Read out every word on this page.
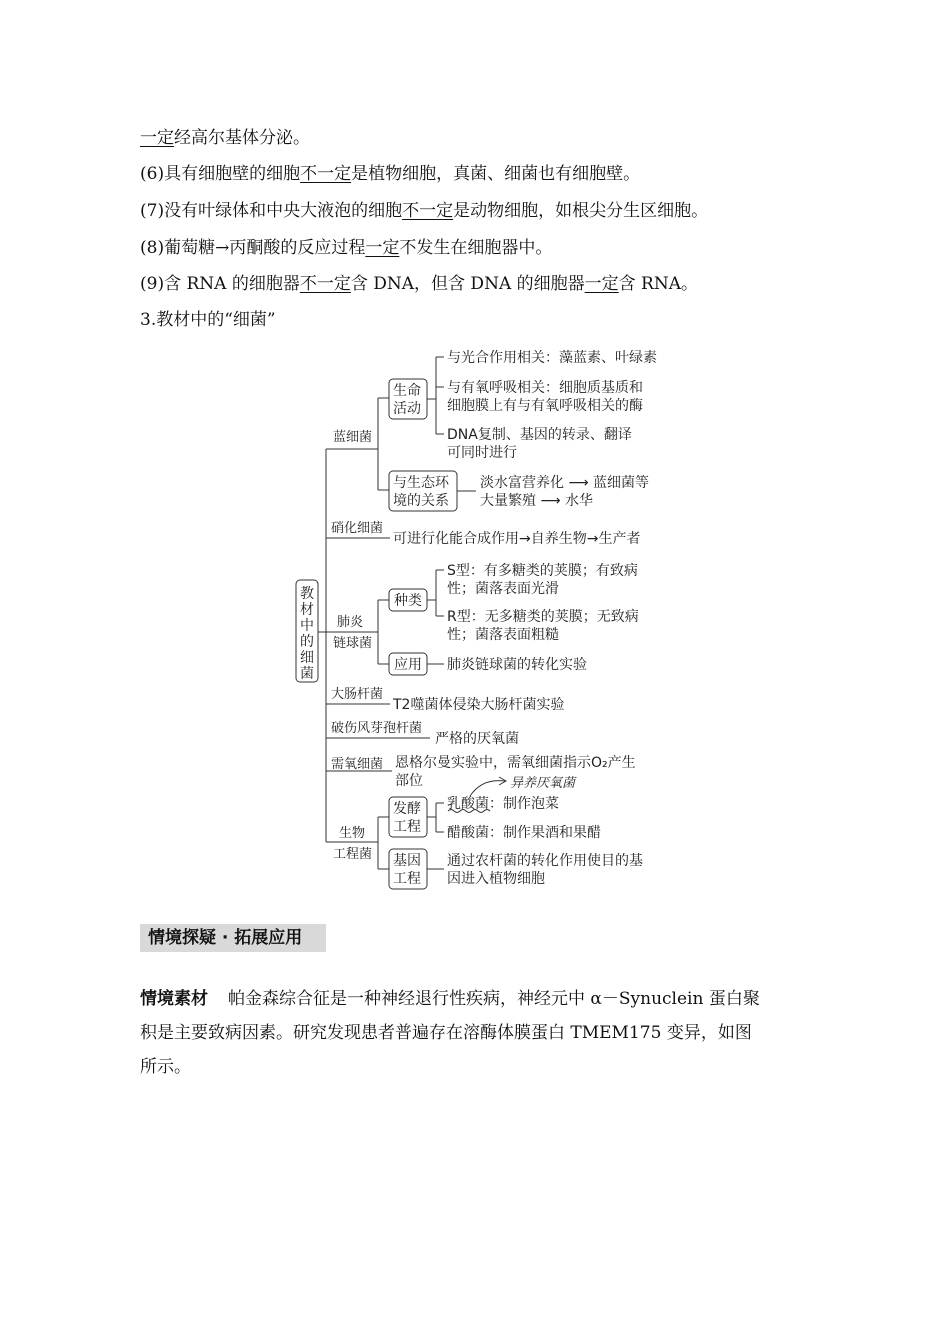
一定经高尔基体分泌。
(6)具有细胞壁的细胞不一定是植物细胞，真菌、细菌也有细胞壁。
(7)没有叶绿体和中央大液泡的细胞不一定是动物细胞，如根尖分生区细胞。
(8)葡萄糖→丙酮酸的反应过程一定不发生在细胞器中。
(9)含 RNA 的细胞器不一定含 DNA，但含 DNA 的细胞器一定含 RNA。
3.教材中的“细菌”
教
材
中
的
细
菌
蓝细菌
硝化细菌
肺炎
链球菌
大肠杆菌
破伤风芽孢杆菌
需氧细菌
生物
工程菌
生命
活动
与生态环
境的关系
种类
应用
发酵
工程
基因
工程
与光合作用相关：藻蓝素、叶绿素
与有氧呼吸相关：细胞质基质和
细胞膜上有与有氧呼吸相关的酶
DNA复制、基因的转录、翻译
可同时进行
淡水富营养化 ⟶ 蓝细菌等
大量繁殖 ⟶ 水华
可进行化能合成作用→自养生物→生产者
S型：有多糖类的荚膜；有致病
性；菌落表面光滑
R型：无多糖类的荚膜；无致病
性；菌落表面粗糙
肺炎链球菌的转化实验
T2噬菌体侵染大肠杆菌实验
严格的厌氧菌
恩格尔曼实验中，需氧细菌指示O₂产生
部位	异养厌氧菌
乳酸菌：制作泡菜
醋酸菌：制作果酒和果醋
通过农杆菌的转化作用使目的基
因进入植物细胞
情境探疑 · 拓展应用
情境素材 帕金森综合征是一种神经退行性疾病，神经元中 α－Synuclein 蛋白聚
积是主要致病因素。研究发现患者普遍存在溶酶体膜蛋白 TMEM175 变异，如图
所示。
